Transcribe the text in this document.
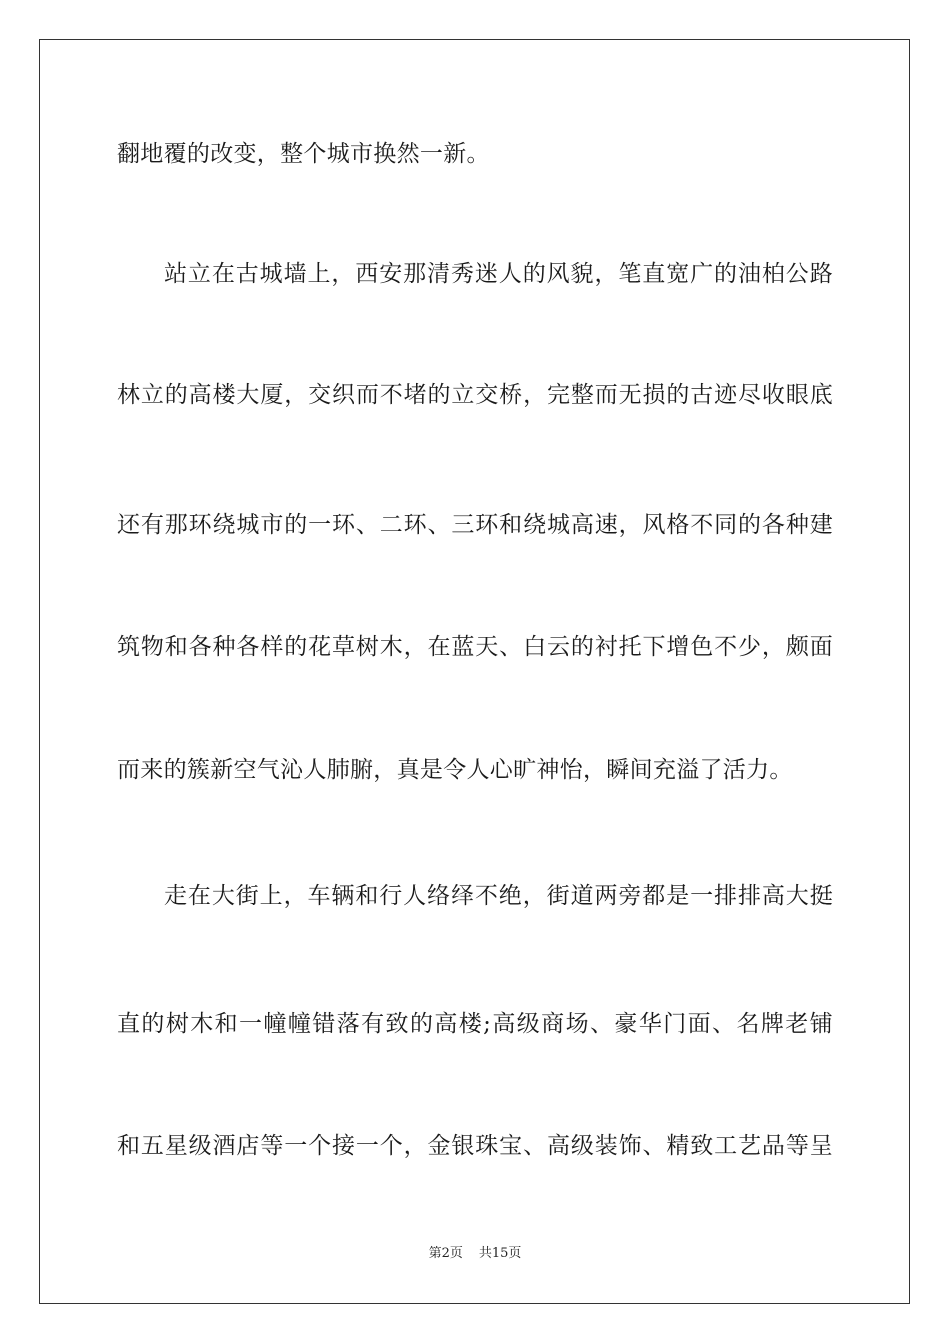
翻地覆的改变，整个城市换然一新。
站立在古城墙上，西安那清秀迷人的风貌，笔直宽广的油柏公路
林立的高楼大厦，交织而不堵的立交桥，完整而无损的古迹尽收眼底
还有那环绕城市的一环、二环、三环和绕城高速，风格不同的各种建
筑物和各种各样的花草树木，在蓝天、白云的衬托下增色不少，颇面
而来的簇新空气沁人肺腑，真是令人心旷神怡，瞬间充溢了活力。
走在大街上，车辆和行人络绎不绝，街道两旁都是一排排高大挺
直的树木和一幢幢错落有致的高楼;高级商场、豪华门面、名牌老铺
和五星级酒店等一个接一个，金银珠宝、高级装饰、精致工艺品等呈
第2页 共15页
